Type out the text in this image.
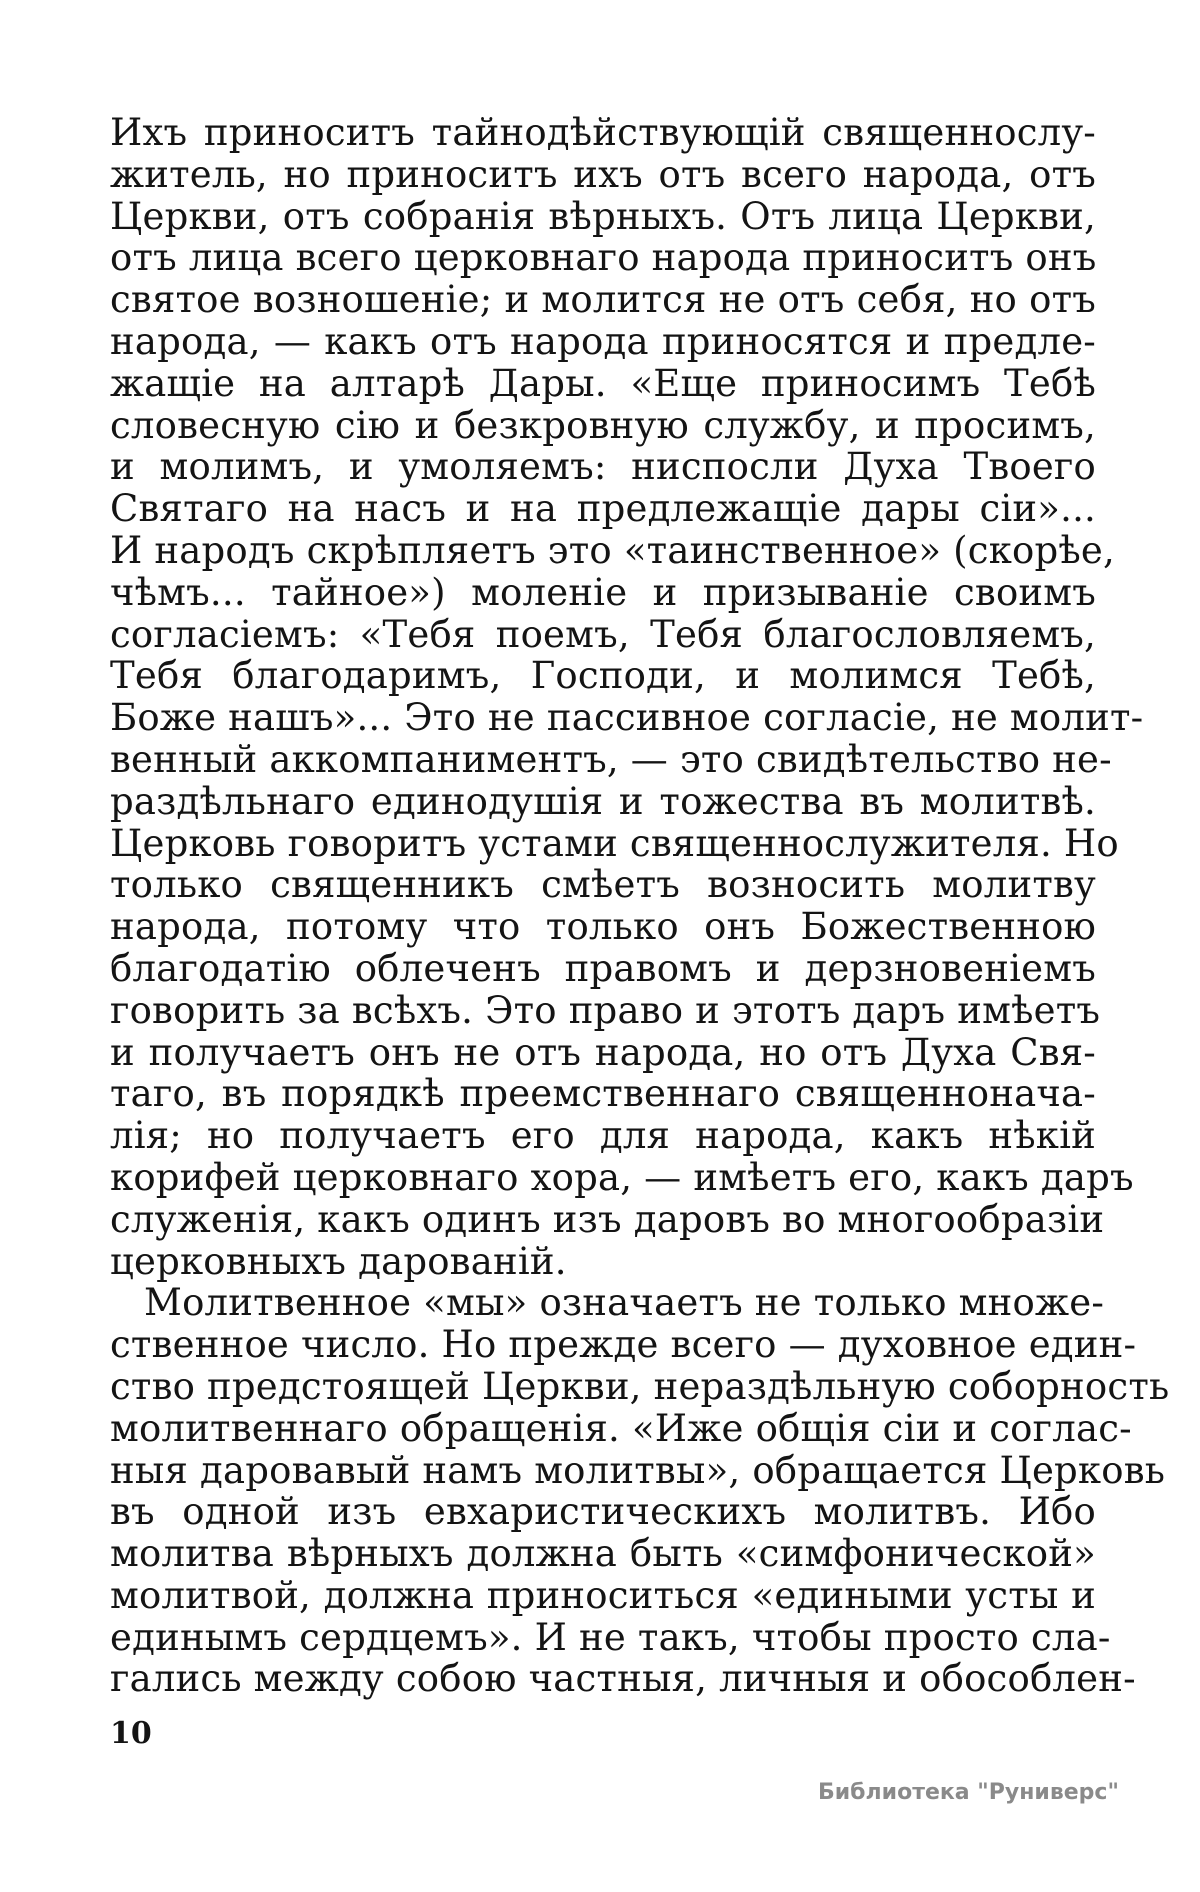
Ихъ приноситъ тайнодѣйствующій священнослу-
житель, но приноситъ ихъ отъ всего народа, отъ
Церкви, отъ собранія вѣрныхъ. Отъ лица Церкви,
отъ лица всего церковнаго народа приноситъ онъ
святое возношеніе; и молится не отъ себя, но отъ
народа, — какъ отъ народа приносятся и предле-
жащіе на алтарѣ Дары. «Еще приносимъ Тебѣ
словесную сію и безкровную службу, и просимъ,
и молимъ, и умоляемъ: ниспосли Духа Твоего
Святаго на насъ и на предлежащіе дары сіи»...
И народъ скрѣпляетъ это «таинственное» (скорѣе,
чѣмъ... тайное») моленіе и призываніе своимъ
согласіемъ: «Тебя поемъ, Тебя благословляемъ,
Тебя благодаримъ, Господи, и молимся Тебѣ,
Боже нашъ»... Это не пассивное согласіе, не молит-
венный аккомпаниментъ, — это свидѣтельство не-
раздѣльнаго единодушія и тожества въ молитвѣ.
Церковь говоритъ устами священнослужителя. Но
только священникъ смѣетъ возносить молитву
народа, потому что только онъ Божественною
благодатію облеченъ правомъ и дерзновеніемъ
говорить за всѣхъ. Это право и этотъ даръ имѣетъ
и получаетъ онъ не отъ народа, но отъ Духа Свя-
таго, въ порядкѣ преемственнаго священнонача-
лія; но получаетъ его для народа, какъ нѣкій
корифей церковнаго хора, — имѣетъ его, какъ даръ
служенія, какъ одинъ изъ даровъ во многообразіи
церковныхъ дарованій.
Молитвенное «мы» означаетъ не только множе-
ственное число. Но прежде всего — духовное един-
ство предстоящей Церкви, нераздѣльную соборность
молитвеннаго обращенія. «Иже общія сіи и соглас-
ныя даровавый намъ молитвы», обращается Церковь
въ одной изъ евхаристическихъ молитвъ. Ибо
молитва вѣрныхъ должна быть «симфонической»
молитвой, должна приноситься «едиными усты и
единымъ сердцемъ». И не такъ, чтобы просто сла-
гались между собою частныя, личныя и обособлен-
10
Библиотека "Руниверс"
